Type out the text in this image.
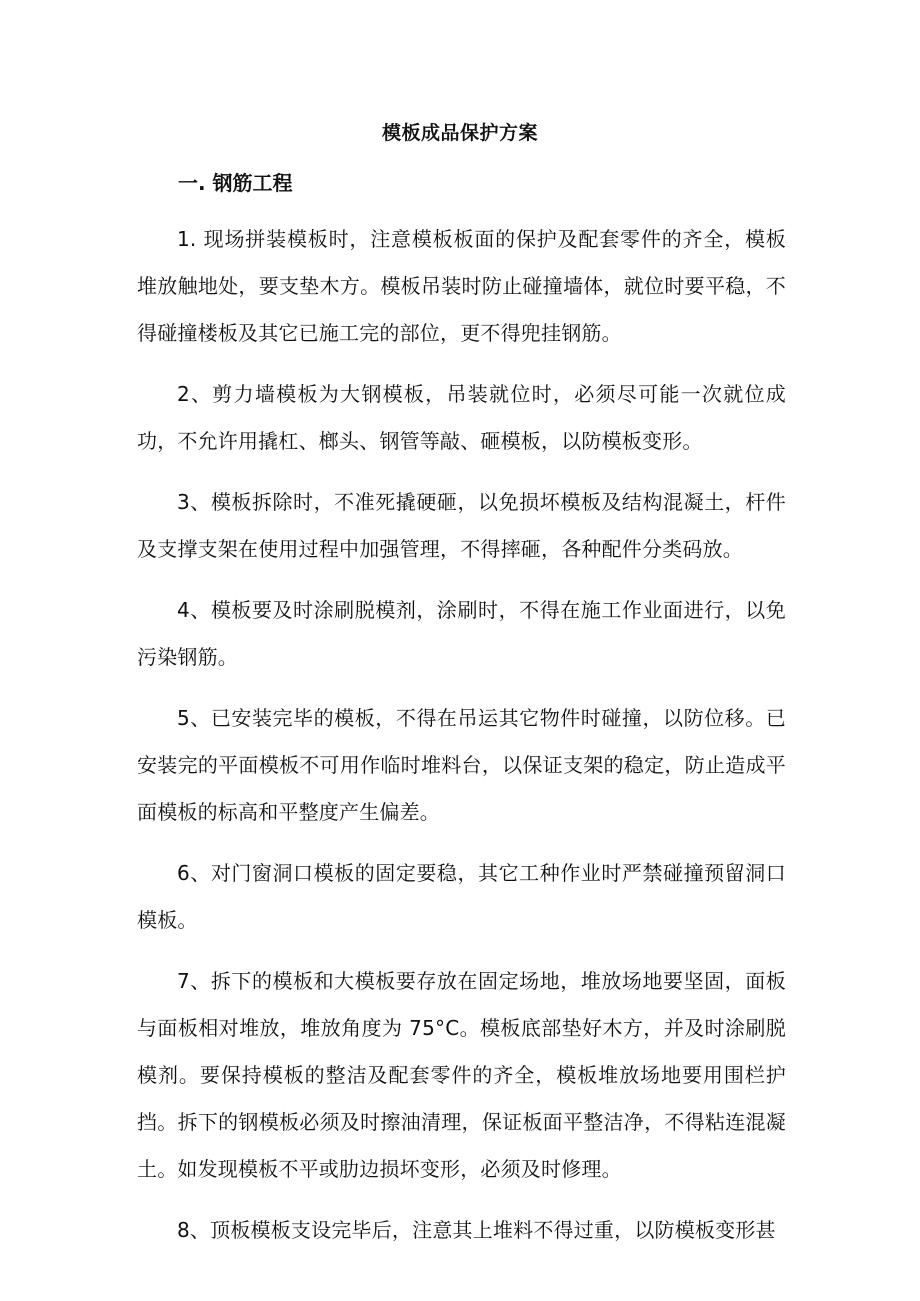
模板成品保护方案
一. 钢筋工程

1. 现场拼装模板时，注意模板板面的保护及配套零件的齐全，模板堆放触地处，要支垫木方。模板吊装时防止碰撞墙体，就位时要平稳，不得碰撞楼板及其它已施工完的部位，更不得兜挂钢筋。

2、剪力墙模板为大钢模板，吊装就位时，必须尽可能一次就位成功，不允许用撬杠、榔头、钢管等敲、砸模板，以防模板变形。

3、模板拆除时，不准死撬硬砸，以免损坏模板及结构混凝土，杆件及支撑支架在使用过程中加强管理，不得摔砸，各种配件分类码放。

4、模板要及时涂刷脱模剂，涂刷时，不得在施工作业面进行，以免污染钢筋。

5、已安装完毕的模板，不得在吊运其它物件时碰撞，以防位移。已安装完的平面模板不可用作临时堆料台，以保证支架的稳定，防止造成平面模板的标高和平整度产生偏差。

6、对门窗洞口模板的固定要稳，其它工种作业时严禁碰撞预留洞口模板。

7、拆下的模板和大模板要存放在固定场地，堆放场地要坚固，面板与面板相对堆放，堆放角度为 75°C。模板底部垫好木方，并及时涂刷脱模剂。要保持模板的整洁及配套零件的齐全，模板堆放场地要用围栏护挡。拆下的钢模板必须及时擦油清理，保证板面平整洁净，不得粘连混凝土。如发现模板不平或肋边损坏变形，必须及时修理。

8、顶板模板支设完毕后，注意其上堆料不得过重，以防模板变形甚
